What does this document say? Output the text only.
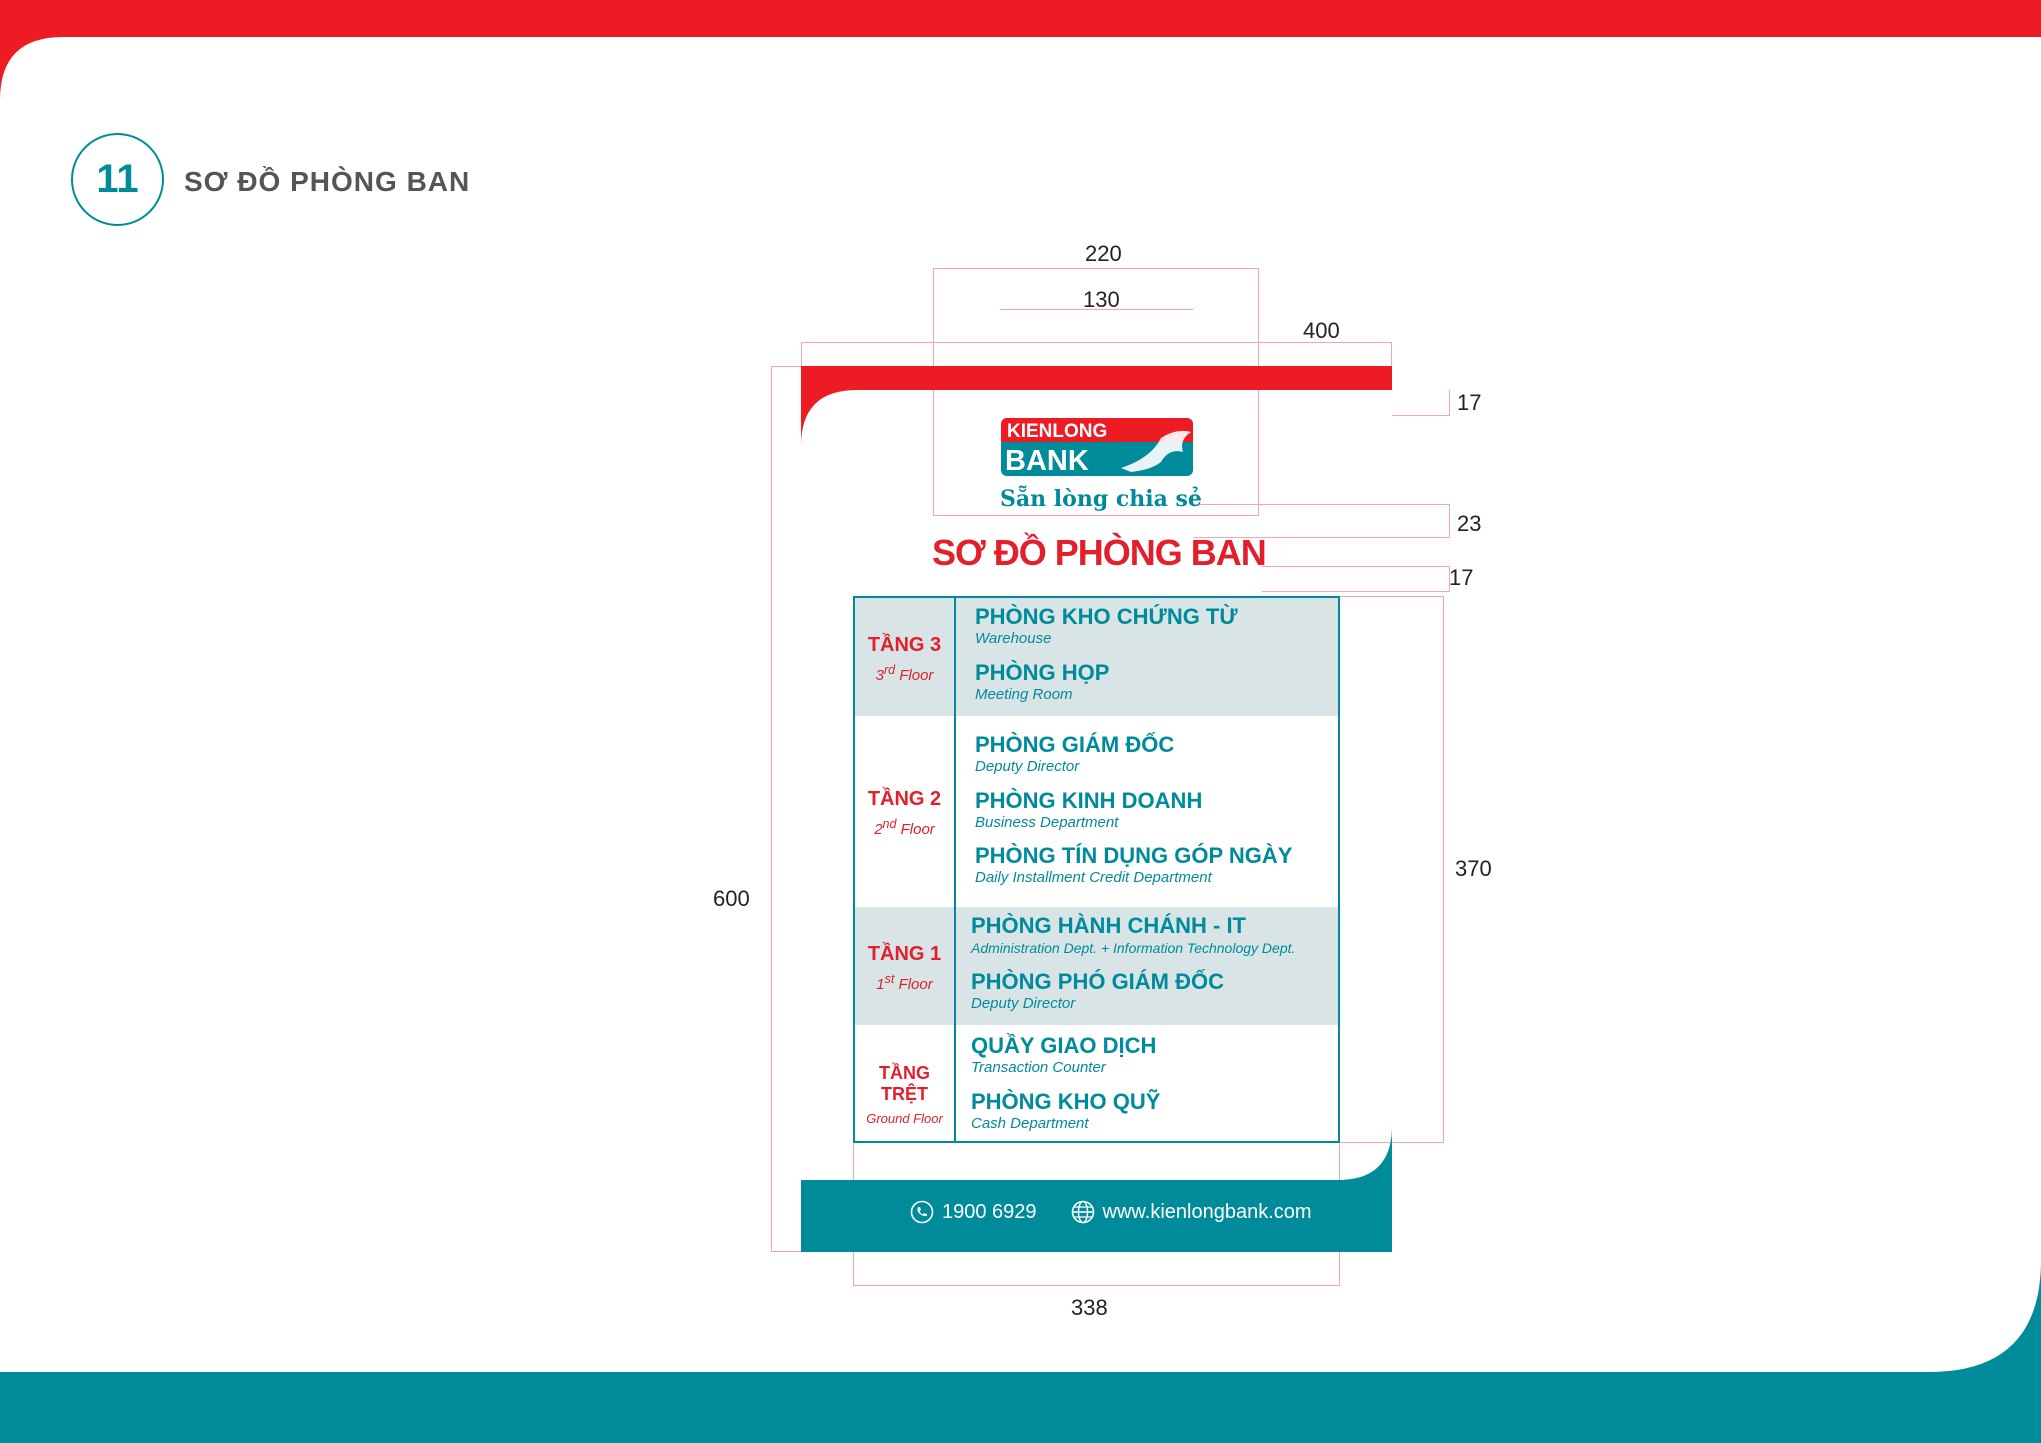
11 SƠ ĐỒ PHÒNG BAN
220
130
400
17
23
17
600
370
338
KIENLONG
BANK
Sẵn lòng chia sẻ
SƠ ĐỒ PHÒNG BAN
TẦNG 3
3rd Floor
PHÒNG KHO CHỨNG TỪ
Warehouse
PHÒNG HỌP
Meeting Room
TẦNG 2
2nd Floor
PHÒNG GIÁM ĐỐC
Deputy Director
PHÒNG KINH DOANH
Business Department
PHÒNG TÍN DỤNG GÓP NGÀY
Daily Installment Credit Department
TẦNG 1
1st Floor
PHÒNG HÀNH CHÁNH - IT
Administration Dept. + Information Technology Dept.
PHÒNG PHÓ GIÁM ĐỐC
Deputy Director
TẦNG TRỆT
Ground Floor
QUẦY GIAO DỊCH
Transaction Counter
PHÒNG KHO QUỸ
Cash Department
1900 6929	www.kienlongbank.com
